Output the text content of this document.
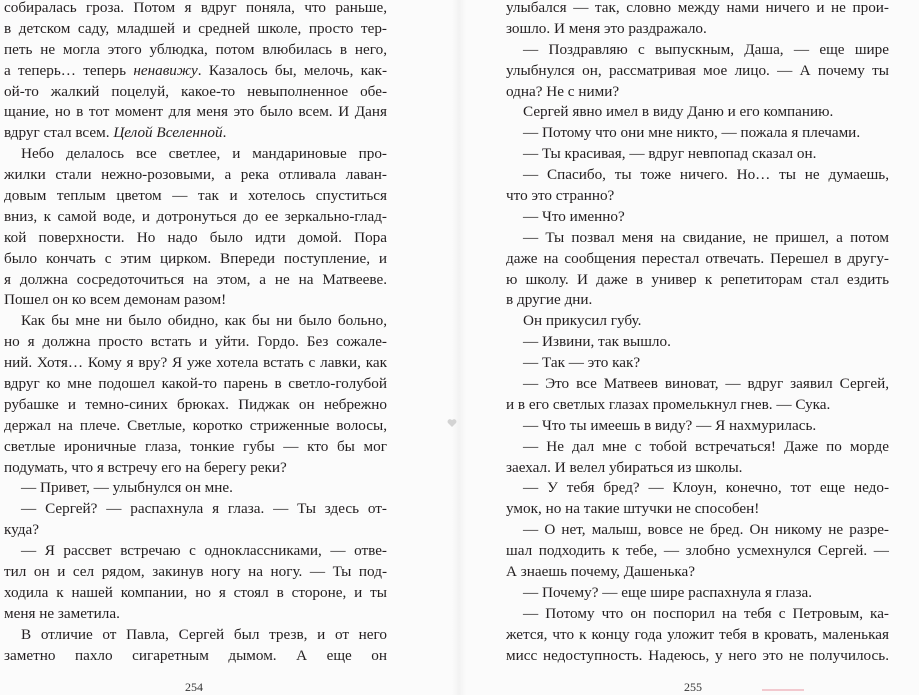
собиралась гроза. Потом я вдруг поняла, что раньше,
в детском саду, младшей и средней школе, просто тер-
петь не могла этого ублюдка, потом влюбилась в него,
а теперь… теперь ненавижу. Казалось бы, мелочь, как-
ой-то жалкий поцелуй, какое-то невыполненное обе-
щание, но в тот момент для меня это было всем. И Даня
вдруг стал всем. Целой Вселенной.
Небо делалось все светлее, и мандариновые про-
жилки стали нежно-розовыми, а река отливала лаван-
довым теплым цветом — так и хотелось спуститься
вниз, к самой воде, и дотронуться до ее зеркально-глад-
кой поверхности. Но надо было идти домой. Пора
было кончать с этим цирком. Впереди поступление, и
я должна сосредоточиться на этом, а не на Матвееве.
Пошел он ко всем демонам разом!
Как бы мне ни было обидно, как бы ни было больно,
но я должна просто встать и уйти. Гордо. Без сожале-
ний. Хотя… Кому я вру? Я уже хотела встать с лавки, как
вдруг ко мне подошел какой-то парень в светло-голубой
рубашке и темно-синих брюках. Пиджак он небрежно
держал на плече. Светлые, коротко стриженные волосы,
светлые ироничные глаза, тонкие губы — кто бы мог
подумать, что я встречу его на берегу реки?
— Привет, — улыбнулся он мне.
— Сергей? — распахнула я глаза. — Ты здесь от-
куда?
— Я рассвет встречаю с одноклассниками, — отве-
тил он и сел рядом, закинув ногу на ногу. — Ты под-
ходила к нашей компании, но я стоял в стороне, и ты
меня не заметила.
В отличие от Павла, Сергей был трезв, и от него
заметно пахло сигаретным дымом. А еще он
254
улыбался — так, словно между нами ничего и не прои-
зошло. И меня это раздражало.
— Поздравляю с выпускным, Даша, — еще шире
улыбнулся он, рассматривая мое лицо. — А почему ты
одна? Не с ними?
Сергей явно имел в виду Даню и его компанию.
— Потому что они мне никто, — пожала я плечами.
— Ты красивая, — вдруг невпопад сказал он.
— Спасибо, ты тоже ничего. Но… ты не думаешь,
что это странно?
— Что именно?
— Ты позвал меня на свидание, не пришел, а потом
даже на сообщения перестал отвечать. Перешел в другу-
ю школу. И даже в универ к репетиторам стал ездить
в другие дни.
Он прикусил губу.
— Извини, так вышло.
— Так — это как?
— Это все Матвеев виноват, — вдруг заявил Сергей,
и в его светлых глазах промелькнул гнев. — Сука.
— Что ты имеешь в виду? — Я нахмурилась.
— Не дал мне с тобой встречаться! Даже по морде
заехал. И велел убираться из школы.
— У тебя бред? — Клоун, конечно, тот еще недо-
умок, но на такие штучки не способен!
— О нет, малыш, вовсе не бред. Он никому не разре-
шал подходить к тебе, — злобно усмехнулся Сергей. —
А знаешь почему, Дашенька?
— Почему? — еще шире распахнула я глаза.
— Потому что он поспорил на тебя с Петровым, ка-
жется, что к концу года уложит тебя в кровать, маленькая
мисс недоступность. Надеюсь, у него это не получилось.
255
